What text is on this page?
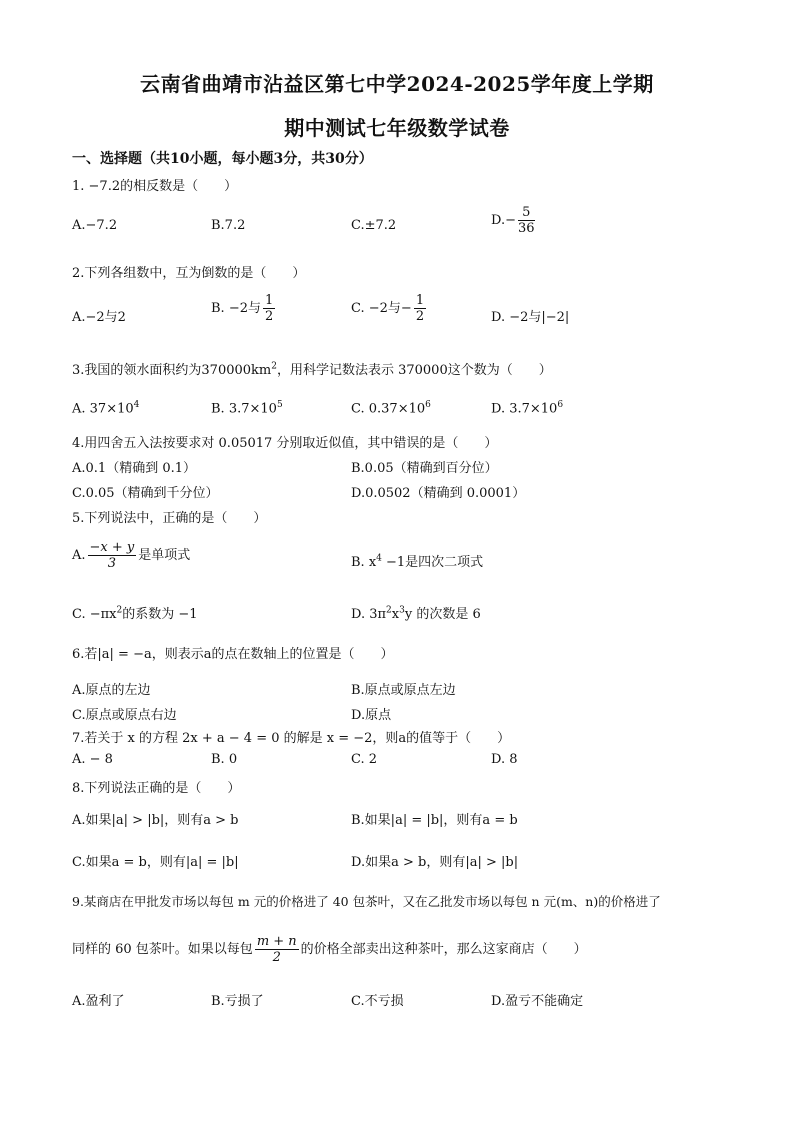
云南省曲靖市沾益区第七中学2024-2025学年度上学期
期中测试七年级数学试卷
一、选择题（共10小题，每小题3分，共30分）
1. −7.2的相反数是（　　）
A.−7.2	B.7.2	C.±7.2	$D.- \frac{5}{36}$
2.下列各组数中，互为倒数的是（　　）
A.−2与2
B. −2与 $\frac{1}{2}$	C. −2与− $\frac{1}{2}$	D. −2与|−2|
3.我国的领水面积约为$370000km^2$，用科学记数法表示 370000这个数为（　　）
A. $37\times 10^4$	B. $3.7\times 10^5$	C. $0.37\times 10^6$	D. $3.7\times 10^6$
4.用四舍五入法按要求对 0.05017 分别取近似值，其中错误的是（　　）
A.0.1（精确到 0.1）	B.0.05（精确到百分位）
C.0.05（精确到千分位）	D.0.0502（精确到 0.0001）
5.下列说法中，正确的是（　　）
A. $\frac{-x + y}{3}$ 是单项式	B. $x^4 -1$是四次二项式
C. $-\pi x^2$的系数为 −1	D. $3\pi^2x^3y$ 的次数是 6
6.若|a| = −a，则表示a的点在数轴上的位置是（　　）
A.原点的左边	B.原点或原点左边
C.原点或原点右边	D.原点
7.若关于 x 的方程 2x + a − 4 = 0 的解是 x = −2，则a的值等于（　　）
A. − 8	B. 0	C. 2	D. 8
8.下列说法正确的是（　　）
A.如果|a| > |b|，则有a > b	B.如果|a| = |b|，则有a = b
C.如果a = b，则有|a| = |b|	D.如果a > b，则有|a| > |b|
9.某商店在甲批发市场以每包 m 元的价格进了 40 包茶叶，又在乙批发市场以每包 n 元(m、n)的价格进了
同样的 60 包茶叶。如果以每包 $\frac{m + n}{2}$ 的价格全部卖出这种茶叶，那么这家商店（　　）
A.盈利了	B.亏损了	C.不亏损	D.盈亏不能确定
